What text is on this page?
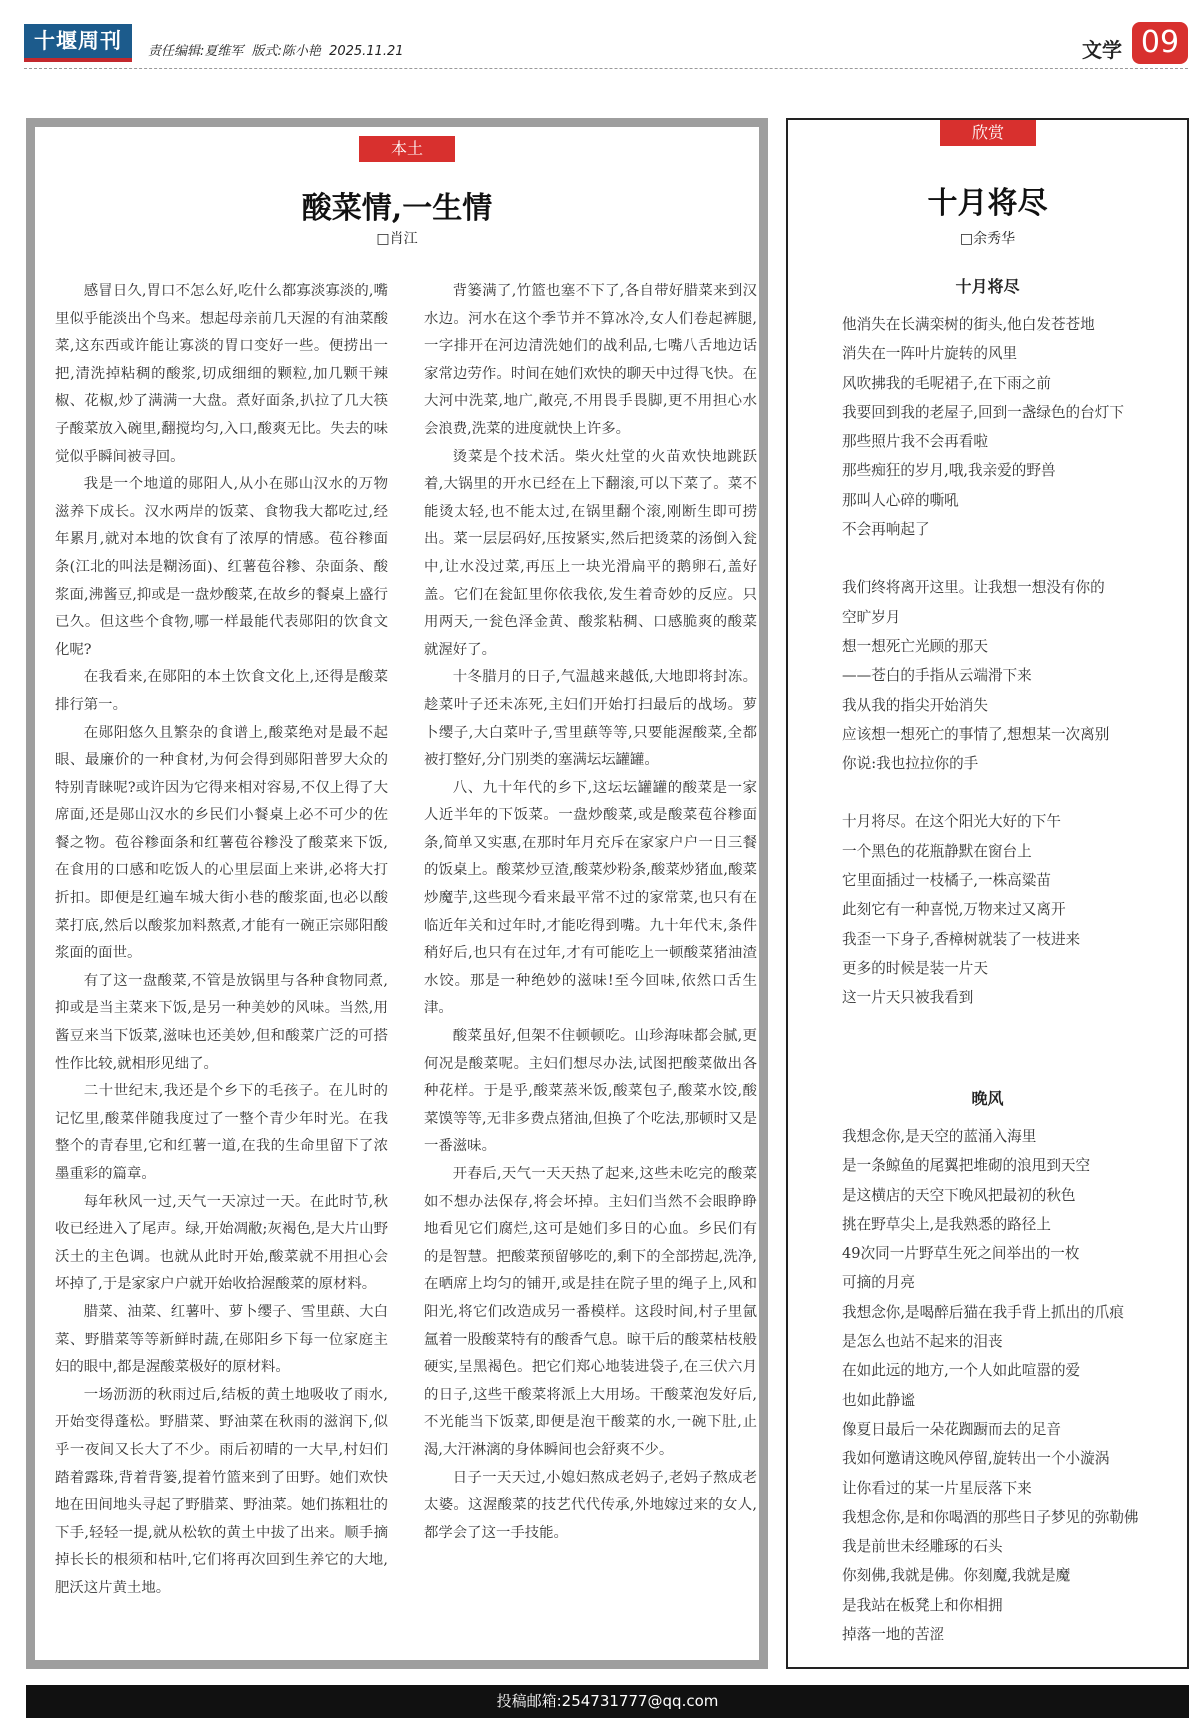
十堰周刊	责任编辑:夏维军 版式:陈小艳 2025.11.21	文学 09
本土
酸菜情,一生情
□肖江

感冒日久,胃口不怎么好,吃什么都寡淡寡淡的,嘴里似乎能淡出个鸟来。想起母亲前几天渥的有油菜酸菜,这东西或许能让寡淡的胃口变好一些。便捞出一把,清洗掉粘稠的酸浆,切成细细的颗粒,加几颗干辣椒、花椒,炒了满满一大盘。煮好面条,扒拉了几大筷子酸菜放入碗里,翻搅均匀,入口,酸爽无比。失去的味觉似乎瞬间被寻回。

我是一个地道的郧阳人,从小在郧山汉水的万物滋养下成长。汉水两岸的饭菜、食物我大都吃过,经年累月,就对本地的饮食有了浓厚的情感。苞谷糁面条(江北的叫法是糊汤面)、红薯苞谷糁、杂面条、酸浆面,沸酱豆,抑或是一盘炒酸菜,在故乡的餐桌上盛行已久。但这些个食物,哪一样最能代表郧阳的饮食文化呢?

在我看来,在郧阳的本土饮食文化上,还得是酸菜排行第一。

在郧阳悠久且繁杂的食谱上,酸菜绝对是最不起眼、最廉价的一种食材,为何会得到郧阳普罗大众的特别青睐呢?或许因为它得来相对容易,不仅上得了大席面,还是郧山汉水的乡民们小餐桌上必不可少的佐餐之物。苞谷糁面条和红薯苞谷糁没了酸菜来下饭,在食用的口感和吃饭人的心里层面上来讲,必将大打折扣。即便是红遍车城大街小巷的酸浆面,也必以酸菜打底,然后以酸浆加料熬煮,才能有一碗正宗郧阳酸浆面的面世。

有了这一盘酸菜,不管是放锅里与各种食物同煮,抑或是当主菜来下饭,是另一种美妙的风味。当然,用酱豆来当下饭菜,滋味也还美妙,但和酸菜广泛的可搭性作比较,就相形见绌了。

二十世纪末,我还是个乡下的毛孩子。在儿时的记忆里,酸菜伴随我度过了一整个青少年时光。在我整个的青春里,它和红薯一道,在我的生命里留下了浓墨重彩的篇章。

每年秋风一过,天气一天凉过一天。在此时节,秋收已经进入了尾声。绿,开始凋敝;灰褐色,是大片山野沃土的主色调。也就从此时开始,酸菜就不用担心会坏掉了,于是家家户户就开始收拾渥酸菜的原材料。

腊菜、油菜、红薯叶、萝卜缨子、雪里蕻、大白菜、野腊菜等等新鲜时蔬,在郧阳乡下每一位家庭主妇的眼中,都是渥酸菜极好的原材料。

一场沥沥的秋雨过后,结板的黄土地吸收了雨水,开始变得蓬松。野腊菜、野油菜在秋雨的滋润下,似乎一夜间又长大了不少。雨后初晴的一大早,村妇们踏着露珠,背着背篓,提着竹篮来到了田野。她们欢快地在田间地头寻起了野腊菜、野油菜。她们拣粗壮的下手,轻轻一提,就从松软的黄土中拔了出来。顺手摘掉长长的根须和枯叶,它们将再次回到生养它的大地,肥沃这片黄土地。

背篓满了,竹篮也塞不下了,各自带好腊菜来到汉水边。河水在这个季节并不算冰冷,女人们卷起裤腿,一字排开在河边清洗她们的战利品,七嘴八舌地边话家常边劳作。时间在她们欢快的聊天中过得飞快。在大河中洗菜,地广,敞亮,不用畏手畏脚,更不用担心水会浪费,洗菜的进度就快上许多。

烫菜是个技术活。柴火灶堂的火苗欢快地跳跃着,大锅里的开水已经在上下翻滚,可以下菜了。菜不能烫太轻,也不能太过,在锅里翻个滚,刚断生即可捞出。菜一层层码好,压按紧实,然后把烫菜的汤倒入瓮中,让水没过菜,再压上一块光滑扁平的鹅卵石,盖好盖。它们在瓮缸里你依我依,发生着奇妙的反应。只用两天,一瓮色泽金黄、酸浆粘稠、口感脆爽的酸菜就渥好了。

十冬腊月的日子,气温越来越低,大地即将封冻。趁菜叶子还未冻死,主妇们开始打扫最后的战场。萝卜缨子,大白菜叶子,雪里蕻等等,只要能渥酸菜,全都被打整好,分门别类的塞满坛坛罐罐。

八、九十年代的乡下,这坛坛罐罐的酸菜是一家人近半年的下饭菜。一盘炒酸菜,或是酸菜苞谷糁面条,简单又实惠,在那时年月充斥在家家户户一日三餐的饭桌上。酸菜炒豆渣,酸菜炒粉条,酸菜炒猪血,酸菜炒魔芋,这些现今看来最平常不过的家常菜,也只有在临近年关和过年时,才能吃得到嘴。九十年代末,条件稍好后,也只有在过年,才有可能吃上一顿酸菜猪油渣水饺。那是一种绝妙的滋味!至今回味,依然口舌生津。

酸菜虽好,但架不住顿顿吃。山珍海味都会腻,更何况是酸菜呢。主妇们想尽办法,试图把酸菜做出各种花样。于是乎,酸菜蒸米饭,酸菜包子,酸菜水饺,酸菜馍等等,无非多费点猪油,但换了个吃法,那顿时又是一番滋味。

开春后,天气一天天热了起来,这些未吃完的酸菜如不想办法保存,将会坏掉。主妇们当然不会眼睁睁地看见它们腐烂,这可是她们多日的心血。乡民们有的是智慧。把酸菜预留够吃的,剩下的全部捞起,洗净,在晒席上均匀的铺开,或是挂在院子里的绳子上,风和阳光,将它们改造成另一番模样。这段时间,村子里氤氲着一股酸菜特有的酸香气息。晾干后的酸菜枯枝般硬实,呈黑褐色。把它们郑心地装进袋子,在三伏六月的日子,这些干酸菜将派上大用场。干酸菜泡发好后,不光能当下饭菜,即便是泡干酸菜的水,一碗下肚,止渴,大汗淋漓的身体瞬间也会舒爽不少。

日子一天天过,小媳妇熬成老妈子,老妈子熬成老太婆。这渥酸菜的技艺代代传承,外地嫁过来的女人,都学会了这一手技能。

欣赏
十月将尽
□余秀华
十月将尽
他消失在长满栾树的街头,他白发苍苍地
消失在一阵叶片旋转的风里
风吹拂我的毛呢裙子,在下雨之前
我要回到我的老屋子,回到一盏绿色的台灯下
那些照片我不会再看啦
那些痴狂的岁月,哦,我亲爱的野兽
那叫人心碎的嘶吼
不会再响起了
我们终将离开这里。让我想一想没有你的
空旷岁月
想一想死亡光顾的那天
——苍白的手指从云端滑下来
我从我的指尖开始消失
应该想一想死亡的事情了,想想某一次离别
你说:我也拉拉你的手
十月将尽。在这个阳光大好的下午
一个黑色的花瓶静默在窗台上
它里面插过一枝橘子,一株高粱苗
此刻它有一种喜悦,万物来过又离开
我歪一下身子,香樟树就装了一枝进来
更多的时候是装一片天
这一片天只被我看到
晚风
我想念你,是天空的蓝涌入海里
是一条鲸鱼的尾翼把堆砌的浪甩到天空
是这横店的天空下晚风把最初的秋色
挑在野草尖上,是我熟悉的路径上
49次同一片野草生死之间举出的一枚
可摘的月亮
我想念你,是喝醉后猫在我手背上抓出的爪痕
是怎么也站不起来的泪丧
在如此远的地方,一个人如此喧嚣的爱
也如此静谧
像夏日最后一朵花踟蹰而去的足音
我如何邀请这晚风停留,旋转出一个小漩涡
让你看过的某一片星辰落下来
我想念你,是和你喝酒的那些日子梦见的弥勒佛
我是前世未经雕琢的石头
你刻佛,我就是佛。你刻魔,我就是魔
是我站在板凳上和你相拥
掉落一地的苦涩
投稿邮箱:254731777@qq.com
